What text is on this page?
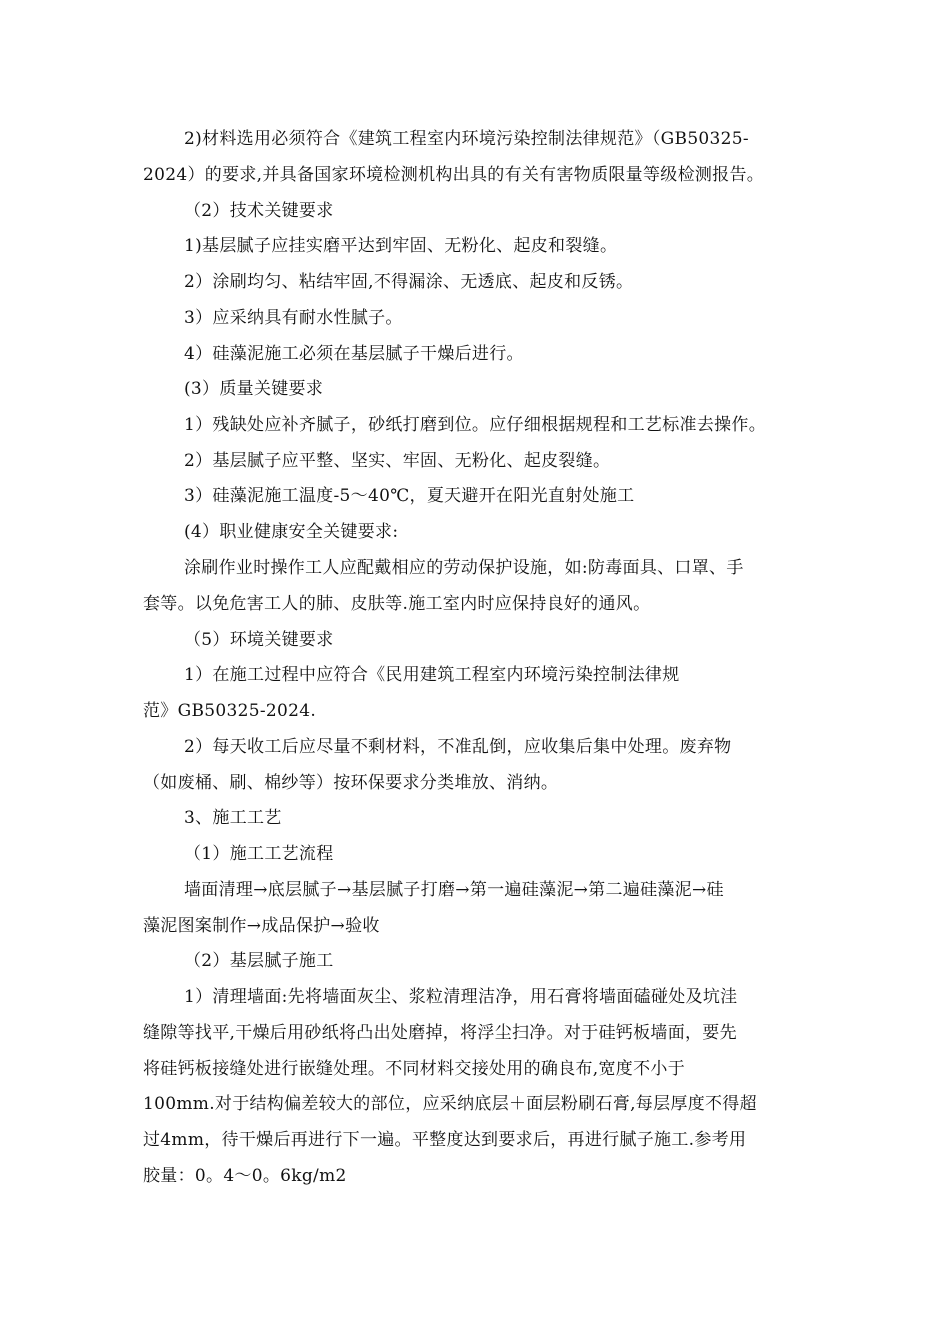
2)材料选用必须符合《建筑工程室内环境污染控制法律规范》（GB50325-
2024）的要求,并具备国家环境检测机构出具的有关有害物质限量等级检测报告。
（2）技术关键要求
1)基层腻子应挂实磨平达到牢固、无粉化、起皮和裂缝。
2）涂刷均匀、粘结牢固,不得漏涂、无透底、起皮和反锈。
3）应采纳具有耐水性腻子。
4）硅藻泥施工必须在基层腻子干燥后进行。
(3）质量关键要求
1）残缺处应补齐腻子，砂纸打磨到位。应仔细根据规程和工艺标准去操作。
2）基层腻子应平整、坚实、牢固、无粉化、起皮裂缝。
3）硅藻泥施工温度-5～40℃，夏天避开在阳光直射处施工
(4）职业健康安全关键要求:
涂刷作业时操作工人应配戴相应的劳动保护设施，如:防毒面具、口罩、手
套等。以免危害工人的肺、皮肤等.施工室内时应保持良好的通风。
（5）环境关键要求
1）在施工过程中应符合《民用建筑工程室内环境污染控制法律规
范》GB50325-2024.
2）每天收工后应尽量不剩材料，不准乱倒，应收集后集中处理。废弃物
（如废桶、刷、棉纱等）按环保要求分类堆放、消纳。
3、施工工艺
（1）施工工艺流程
墙面清理→底层腻子→基层腻子打磨→第一遍硅藻泥→第二遍硅藻泥→硅
藻泥图案制作→成品保护→验收
（2）基层腻子施工
1）清理墙面:先将墙面灰尘、浆粒清理洁净，用石膏将墙面磕碰处及坑洼
缝隙等找平,干燥后用砂纸将凸出处磨掉，将浮尘扫净。对于硅钙板墙面，要先
将硅钙板接缝处进行嵌缝处理。不同材料交接处用的确良布,宽度不小于
100mm.对于结构偏差较大的部位，应采纳底层＋面层粉刷石膏,每层厚度不得超
过4mm，待干燥后再进行下一遍。平整度达到要求后，再进行腻子施工.参考用
胶量：0。4～0。6kg/m2
